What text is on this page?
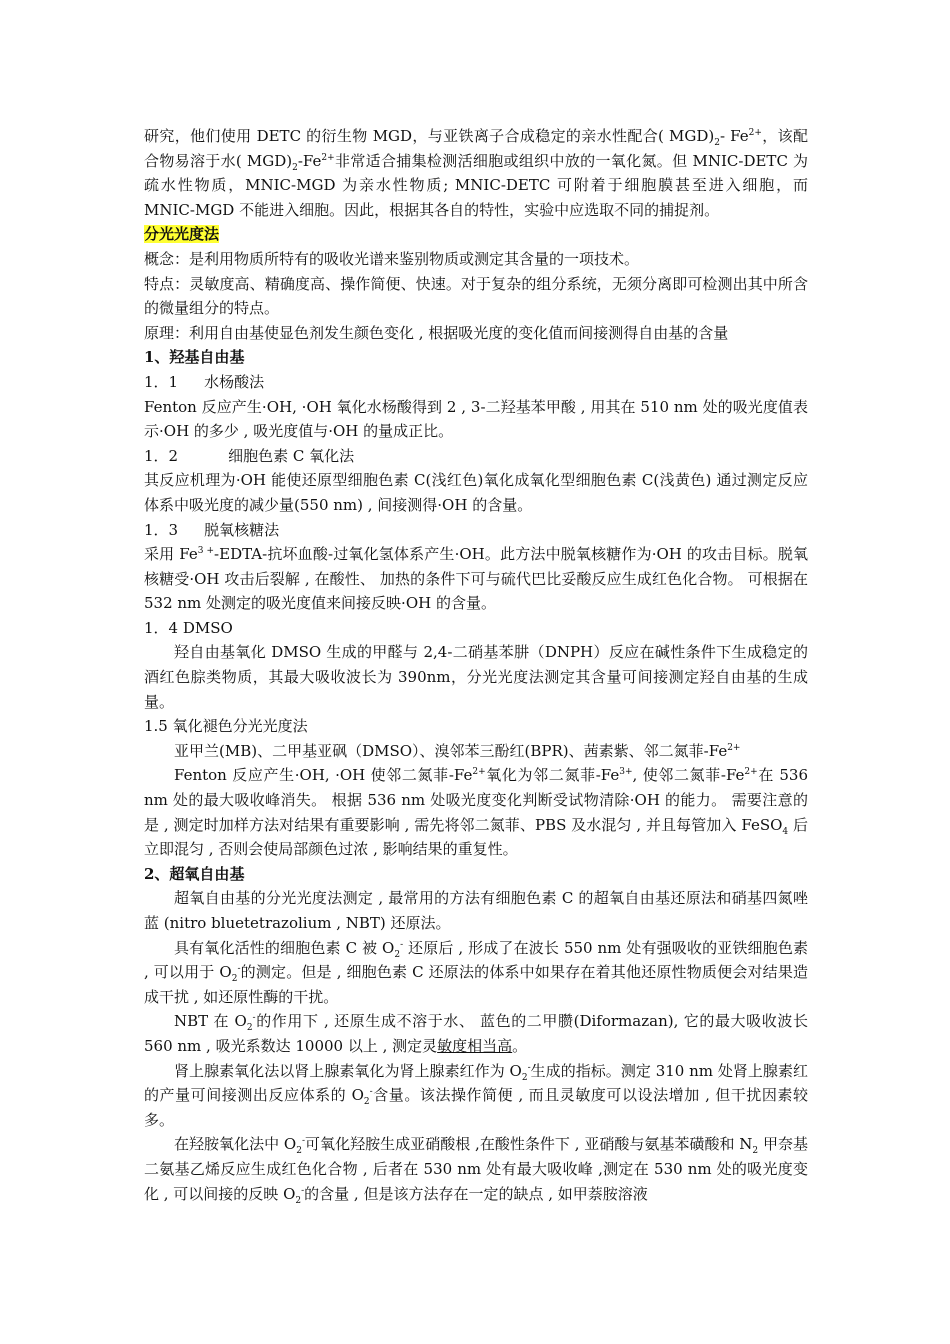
研究，他们使用 DETC 的衍生物 MGD，与亚铁离子合成稳定的亲水性配合( $MGD)_2-$ $Fe^{2+}$，该配合物易溶于水( $MGD)_2-Fe^{2+}$非常适合捕集检测活细胞或组织中放的一氧化氮。但 MNIC-DETC 为疏水性物质，MNIC-MGD 为亲水性物质; MNIC-DETC 可附着于细胞膜甚至进入细胞，而 MNIC-MGD 不能进入细胞。因此，根据其各自的特性，实验中应选取不同的捕捉剂。

分光光度法

概念：是利用物质所特有的吸收光谱来鉴别物质或测定其含量的一项技术。

特点：灵敏度高、精确度高、操作简便、快速。对于复杂的组分系统，无须分离即可检测出其中所含的微量组分的特点。

原理：利用自由基使显色剂发生颜色变化 , 根据吸光度的变化值而间接测得自由基的含量

1、羟基自由基

1．1 水杨酸法

Fenton 反应产生·OH, ·OH 氧化水杨酸得到 2 , 3-二羟基苯甲酸 , 用其在 510 nm 处的吸光度值表示·OH 的多少 , 吸光度值与·OH 的量成正比。

1．2	细胞色素 C 氧化法

其反应机理为·OH 能使还原型细胞色素 C(浅红色)氧化成氧化型细胞色素 C(浅黄色) 通过测定反应体系中吸光度的减少量(550 nm) , 间接测得·OH 的含量。

1．3 脱氧核糖法

采用 $Fe^{3 +}-EDTA-$抗坏血酸-过氧化氢体系产生·OH。此方法中脱氧核糖作为·OH 的攻击目标。脱氧核糖受·OH 攻击后裂解 , 在酸性、 加热的条件下可与硫代巴比妥酸反应生成红色化合物。 可根据在 532 nm 处测定的吸光度值来间接反映·OH 的含量。

1．4 DMSO

羟自由基氧化 DMSO 生成的甲醛与 2,4-二硝基苯肼（DNPH）反应在碱性条件下生成稳定的酒红色腙类物质，其最大吸收波长为 390nm，分光光度法测定其含量可间接测定羟自由基的生成量。

1.5 氧化褪色分光光度法

亚甲兰(MB)、二甲基亚砜（DMSO）、溴邻苯三酚红(BPR)、茜素紫、邻二氮菲$-Fe^{2+}$

Fenton 反应产生·OH, ·OH 使邻二氮菲$-Fe^{2+}$氧化为邻二氮菲$-Fe^{3+}$, 使邻二氮菲$-Fe^{2+}$在 536 nm 处的最大吸收峰消失。 根据 536 nm 处吸光度变化判断受试物清除·OH 的能力。 需要注意的是 , 测定时加样方法对结果有重要影响 , 需先将邻二氮菲、PBS 及水混匀 , 并且每管加入 FeSO$_4$ 后立即混匀 , 否则会使局部颜色过浓 , 影响结果的重复性。

2、超氧自由基

超氧自由基的分光光度法测定 , 最常用的方法有细胞色素 C 的超氧自由基还原法和硝基四氮唑蓝 (nitro bluetetrazolium , NBT) 还原法。

具有氧化活性的细胞色素 C 被 $O_2^-$ 还原后 , 形成了在波长 550 nm 处有强吸收的亚铁细胞色素 , 可以用于 $O_2^-$的测定。但是 , 细胞色素 C 还原法的体系中如果存在着其他还原性物质便会对结果造成干扰 , 如还原性酶的干扰。

NBT 在 $O_2^-$的作用下 , 还原生成不溶于水、 蓝色的二甲臜(Diformazan), 它的最大吸收波长 560 nm , 吸光系数达 10000 以上 , 测定灵敏度相当高。

肾上腺素氧化法以肾上腺素氧化为肾上腺素红作为 $O_2^-$生成的指标。测定 310 nm 处肾上腺素红的产量可间接测出反应体系的 $O_2^-$含量。该法操作简便 , 而且灵敏度可以设法增加 , 但干扰因素较多。

在羟胺氧化法中 $O_2^-$可氧化羟胺生成亚硝酸根 ,在酸性条件下 , 亚硝酸与氨基苯磺酸和 $N_2$ 甲奈基二氨基乙烯反应生成红色化合物 , 后者在 530 nm 处有最大吸收峰 ,测定在 530 nm 处的吸光度变化 , 可以间接的反映 $O_2^-$的含量 , 但是该方法存在一定的缺点 , 如甲萘胺溶液
